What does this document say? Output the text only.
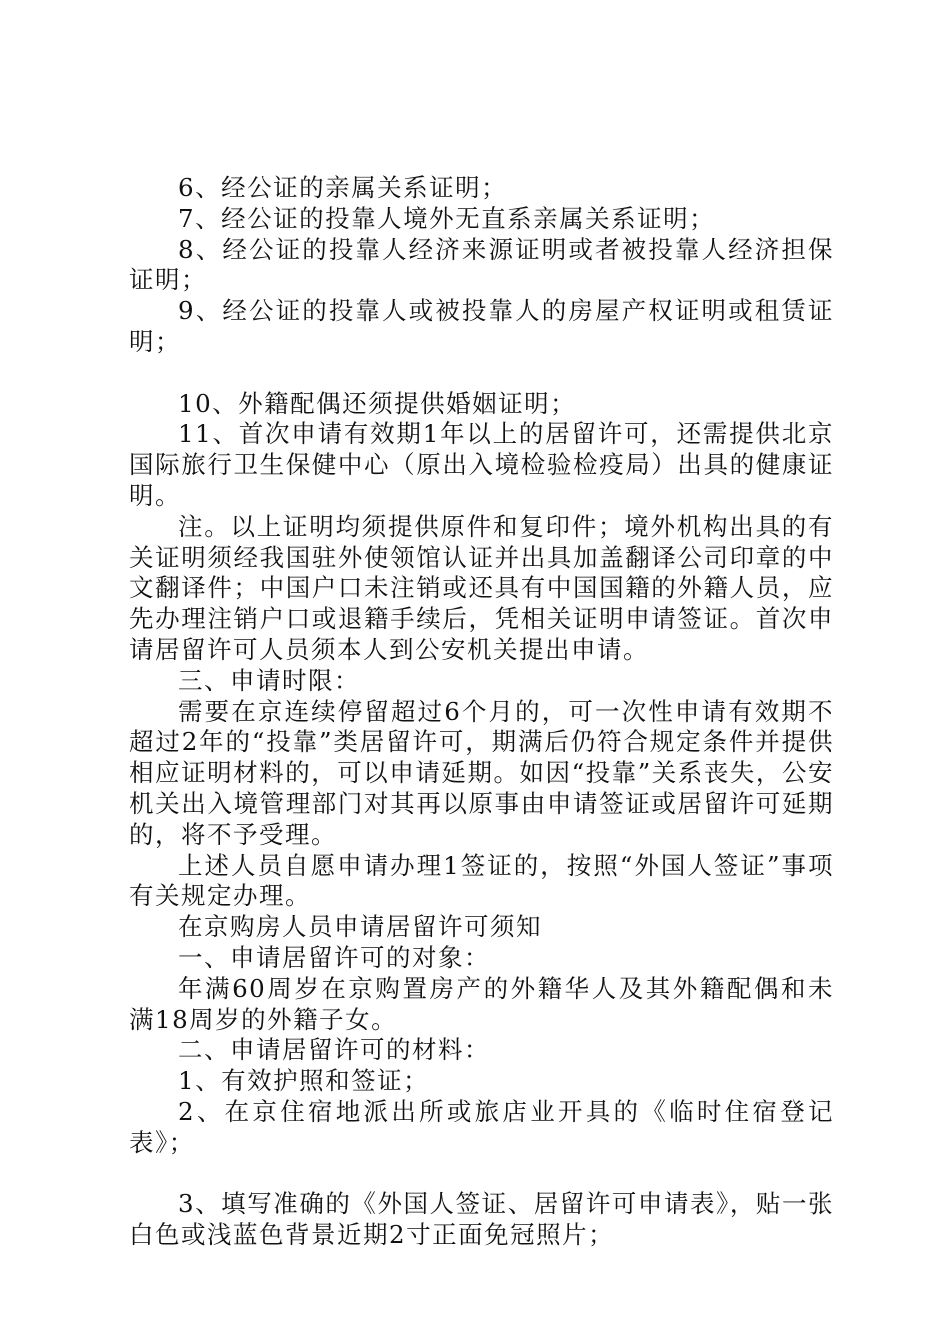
6、经公证的亲属关系证明；

7、经公证的投靠人境外无直系亲属关系证明；

8、经公证的投靠人经济来源证明或者被投靠人经济担保证明；

9、经公证的投靠人或被投靠人的房屋产权证明或租赁证明；

10、外籍配偶还须提供婚姻证明；

11、首次申请有效期1年以上的居留许可，还需提供北京国际旅行卫生保健中心（原出入境检验检疫局）出具的健康证明。

注。以上证明均须提供原件和复印件；境外机构出具的有关证明须经我国驻外使领馆认证并出具加盖翻译公司印章的中文翻译件；中国户口未注销或还具有中国国籍的外籍人员，应先办理注销户口或退籍手续后，凭相关证明申请签证。首次申请居留许可人员须本人到公安机关提出申请。

三、申请时限：

需要在京连续停留超过6个月的，可一次性申请有效期不超过2年的“投靠”类居留许可，期满后仍符合规定条件并提供相应证明材料的，可以申请延期。如因“投靠”关系丧失，公安机关出入境管理部门对其再以原事由申请签证或居留许可延期的，将不予受理。

上述人员自愿申请办理1签证的，按照“外国人签证”事项有关规定办理。

在京购房人员申请居留许可须知

一、申请居留许可的对象：

年满60周岁在京购置房产的外籍华人及其外籍配偶和未满18周岁的外籍子女。

二、申请居留许可的材料：

1、有效护照和签证；

2、在京住宿地派出所或旅店业开具的《临时住宿登记表》；

3、填写准确的《外国人签证、居留许可申请表》，贴一张白色或浅蓝色背景近期2寸正面免冠照片；
